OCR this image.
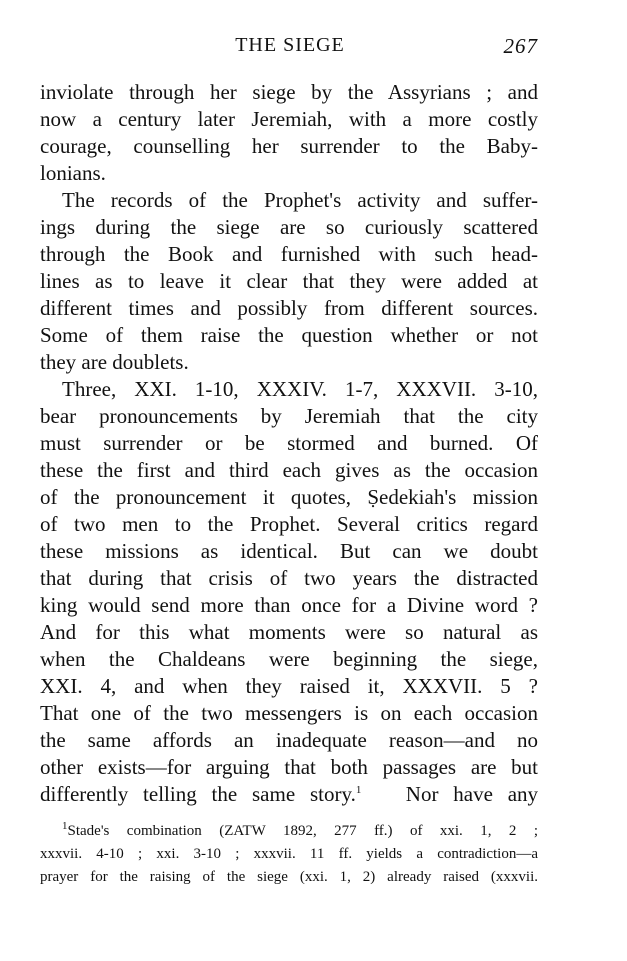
THE SIEGE	267
inviolate through her siege by the Assyrians ; and
now a century later Jeremiah, with a more costly
courage, counselling her surrender to the Baby-
lonians.
The records of the Prophet's activity and suffer-
ings during the siege are so curiously scattered
through the Book and furnished with such head-
lines as to leave it clear that they were added at
different times and possibly from different sources.
Some of them raise the question whether or not
they are doublets.
Three, XXI. 1-10, XXXIV. 1-7, XXXVII. 3-10,
bear pronouncements by Jeremiah that the city
must surrender or be stormed and burned. Of
these the first and third each gives as the occasion
of the pronouncement it quotes, Ṣedekiah's mission
of two men to the Prophet. Several critics regard
these missions as identical. But can we doubt
that during that crisis of two years the distracted
king would send more than once for a Divine word ?
And for this what moments were so natural as
when the Chaldeans were beginning the siege,
XXI. 4, and when they raised it, XXXVII. 5 ?
That one of the two messengers is on each occasion
the same affords an inadequate reason—and no
other exists—for arguing that both passages are but
differently telling the same story.$^1$ Nor have any
$^1$Stade's combination (ZATW 1892, 277 ff.) of xxi. 1, 2 ;
xxxvii. 4-10 ; xxi. 3-10 ; xxxvii. 11 ff. yields a contradiction—a
prayer for the raising of the siege (xxi. 1, 2) already raised (xxxvii.
